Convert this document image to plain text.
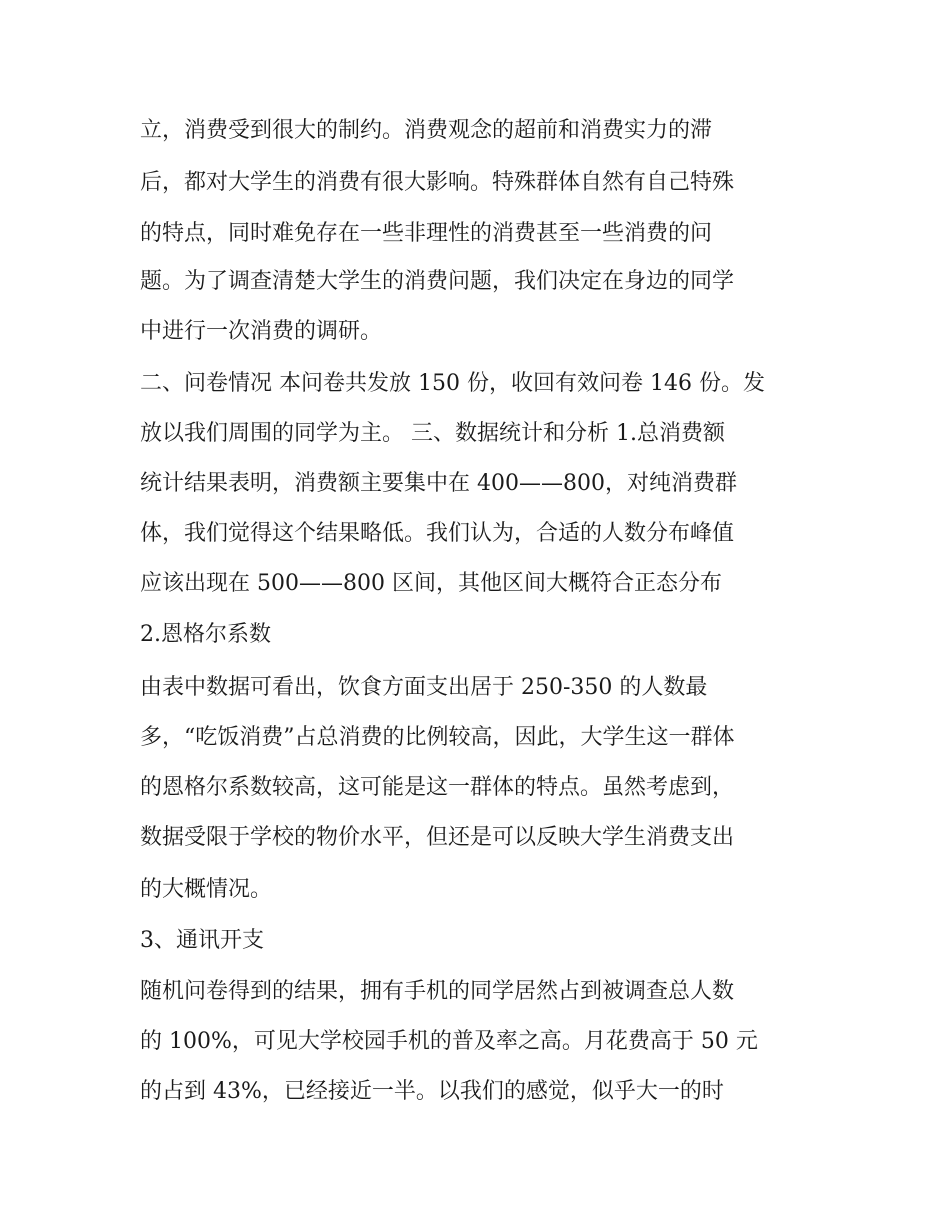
立，消费受到很大的制约。消费观念的超前和消费实力的滞
后，都对大学生的消费有很大影响。特殊群体自然有自己特殊
的特点，同时难免存在一些非理性的消费甚至一些消费的问
题。为了调查清楚大学生的消费问题，我们决定在身边的同学
中进行一次消费的调研。
二、问卷情况 本问卷共发放 150 份，收回有效问卷 146 份。发
放以我们周围的同学为主。 三、数据统计和分析 1.总消费额
统计结果表明，消费额主要集中在 400——800，对纯消费群
体，我们觉得这个结果略低。我们认为，合适的人数分布峰值
应该出现在 500——800 区间，其他区间大概符合正态分布
2.恩格尔系数
由表中数据可看出，饮食方面支出居于 250-350 的人数最
多，“吃饭消费”占总消费的比例较高，因此，大学生这一群体
的恩格尔系数较高，这可能是这一群体的特点。虽然考虑到，
数据受限于学校的物价水平，但还是可以反映大学生消费支出
的大概情况。
3、通讯开支
随机问卷得到的结果，拥有手机的同学居然占到被调查总人数
的 100%，可见大学校园手机的普及率之高。月花费高于 50 元
的占到 43%，已经接近一半。以我们的感觉，似乎大一的时
